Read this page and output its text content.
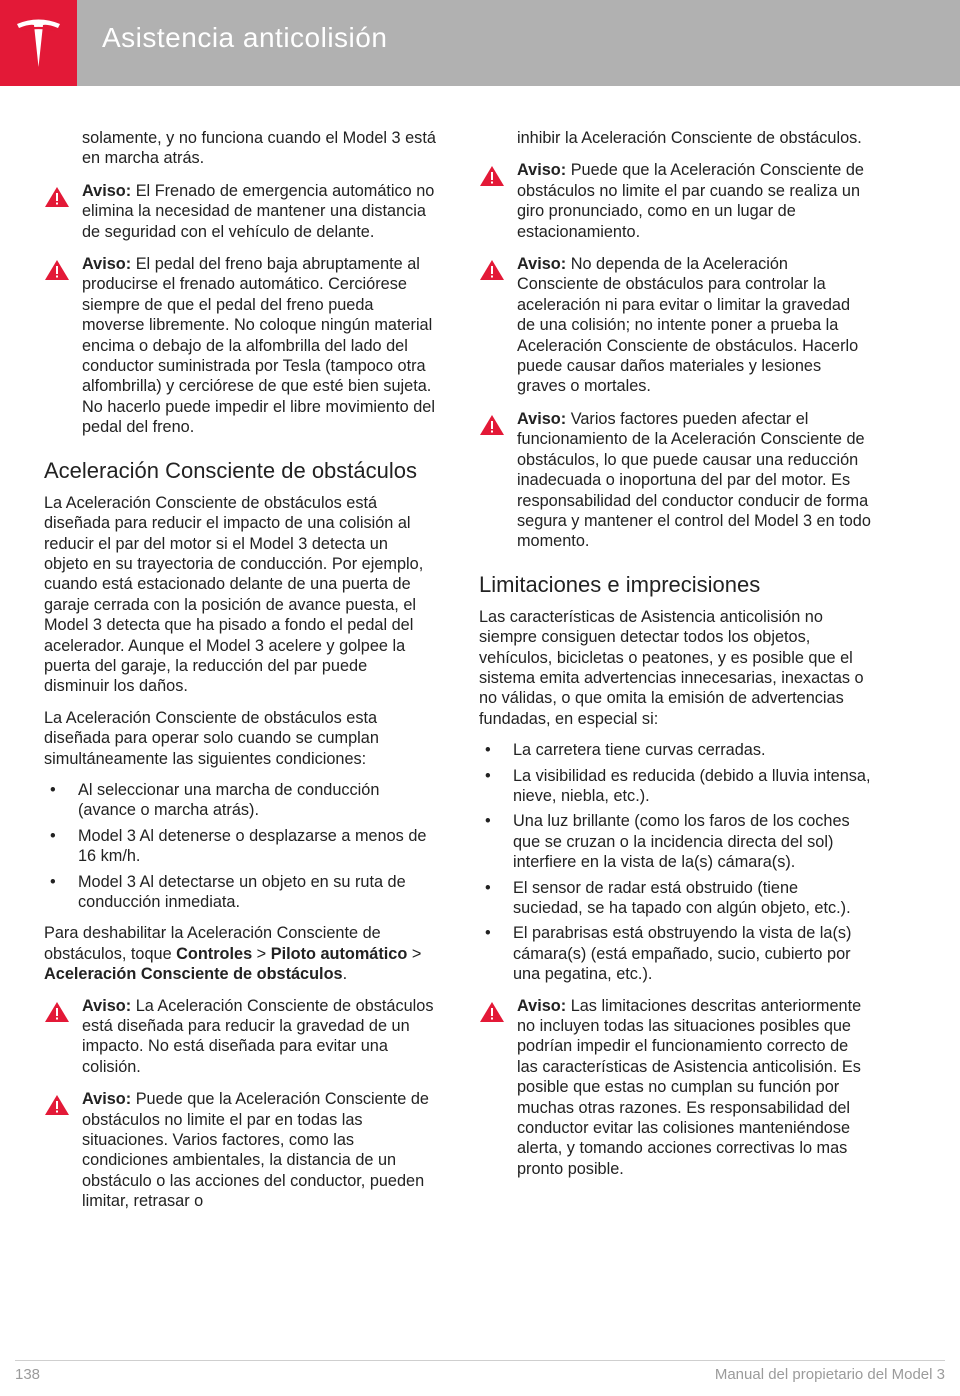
Asistencia anticolisión

solamente, y no funciona cuando el Model 3 está en marcha atrás.

Aviso: El Frenado de emergencia automático no elimina la necesidad de mantener una distancia de seguridad con el vehículo de delante.
Aviso: El pedal del freno baja abruptamente al producirse el frenado automático. Cerciórese siempre de que el pedal del freno pueda moverse libremente. No coloque ningún material encima o debajo de la alfombrilla del lado del conductor suministrada por Tesla (tampoco otra alfombrilla) y cerciórese de que esté bien sujeta. No hacerlo puede impedir el libre movimiento del pedal del freno.
Aceleración Consciente de obstáculos

La Aceleración Consciente de obstáculos está diseñada para reducir el impacto de una colisión al reducir el par del motor si el Model 3 detecta un objeto en su trayectoria de conducción. Por ejemplo, cuando está estacionado delante de una puerta de garaje cerrada con la posición de avance puesta, el Model 3 detecta que ha pisado a fondo el pedal del acelerador. Aunque el Model 3 acelere y golpee la puerta del garaje, la reducción del par puede disminuir los daños.

La Aceleración Consciente de obstáculos esta diseñada para operar solo cuando se cumplan simultáneamente las siguientes condiciones:

• Al seleccionar una marcha de conducción (avance o marcha atrás).
• Model 3 Al detenerse o desplazarse a menos de 16 km/h.
• Model 3 Al detectarse un objeto en su ruta de conducción inmediata.

Para deshabilitar la Aceleración Consciente de obstáculos, toque Controles > Piloto automático > Aceleración Consciente de obstáculos.

Aviso: La Aceleración Consciente de obstáculos está diseñada para reducir la gravedad de un impacto. No está diseñada para evitar una colisión.
Aviso: Puede que la Aceleración Consciente de obstáculos no limite el par en todas las situaciones. Varios factores, como las condiciones ambientales, la distancia de un obstáculo o las acciones del conductor, pueden limitar, retrasar o

inhibir la Aceleración Consciente de obstáculos.

Aviso: Puede que la Aceleración Consciente de obstáculos no limite el par cuando se realiza un giro pronunciado, como en un lugar de estacionamiento.
Aviso: No dependa de la Aceleración Consciente de obstáculos para controlar la aceleración ni para evitar o limitar la gravedad de una colisión; no intente poner a prueba la Aceleración Consciente de obstáculos. Hacerlo puede causar daños materiales y lesiones graves o mortales.
Aviso: Varios factores pueden afectar el funcionamiento de la Aceleración Consciente de obstáculos, lo que puede causar una reducción inadecuada o inoportuna del par del motor. Es responsabilidad del conductor conducir de forma segura y mantener el control del Model 3 en todo momento.
Limitaciones e imprecisiones

Las características de Asistencia anticolisión no siempre consiguen detectar todos los objetos, vehículos, bicicletas o peatones, y es posible que el sistema emita advertencias innecesarias, inexactas o no válidas, o que omita la emisión de advertencias fundadas, en especial si:

• La carretera tiene curvas cerradas.
• La visibilidad es reducida (debido a lluvia intensa, nieve, niebla, etc.).
• Una luz brillante (como los faros de los coches que se cruzan o la incidencia directa del sol) interfiere en la vista de la(s) cámara(s).
• El sensor de radar está obstruido (tiene suciedad, se ha tapado con algún objeto, etc.).
• El parabrisas está obstruyendo la vista de la(s) cámara(s) (está empañado, sucio, cubierto por una pegatina, etc.).
Aviso: Las limitaciones descritas anteriormente no incluyen todas las situaciones posibles que podrían impedir el funcionamiento correcto de las características de Asistencia anticolisión. Es posible que estas no cumplan su función por muchas otras razones. Es responsabilidad del conductor evitar las colisiones manteniéndose alerta, y tomando acciones correctivas lo mas pronto posible.
138	Manual del propietario del Model 3
